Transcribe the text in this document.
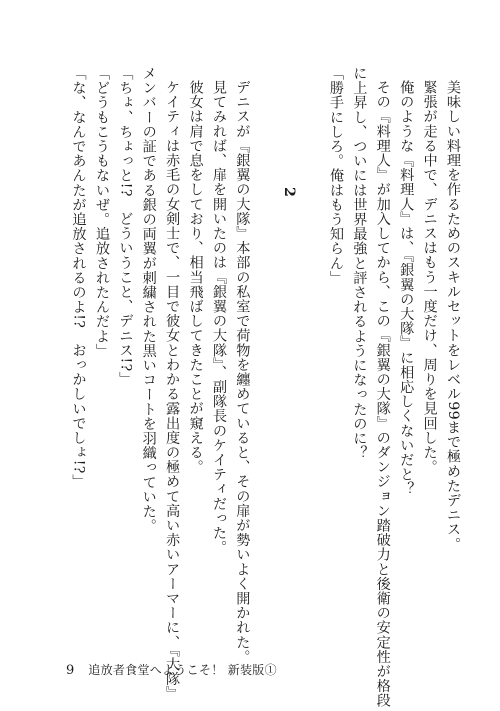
美味しい料理を作るためのスキルセットをレベル99まで極めたデニス。
緊張が走る中で、デニスはもう一度だけ、周りを見回した。
俺のような『料理人』は、『銀翼の大隊』に相応しくないだと？
その『料理人』が加入してから、この『銀翼の大隊』のダンジョン踏破力と後衛の安定性が格段
に上昇し、ついには世界最強と評されるようになったのに？
「勝手にしろ。俺はもう知らん」
2
デニスが『銀翼の大隊』本部の私室で荷物を纏めていると、その扉が勢いよく開かれた。
見てみれば、扉を開いたのは『銀翼の大隊』、副隊長のケイティだった。
彼女は肩で息をしており、相当飛ばしてきたことが窺える。
ケイティは赤毛の女剣士で、一目で彼女とわかる露出度の極めて高い赤いアーマーに、『大隊』
メンバーの証である銀の両翼が刺繍された黒いコートを羽織っていた。
「ちょ、ちょっと!?　どういうこと、デニス!?」
「どうもこうもないぜ。追放されたんだよ」
「な、なんであんたが追放されるのよ!?　おっかしいでしょ!?」
9 追放者食堂へようこそ！ 新装版①
